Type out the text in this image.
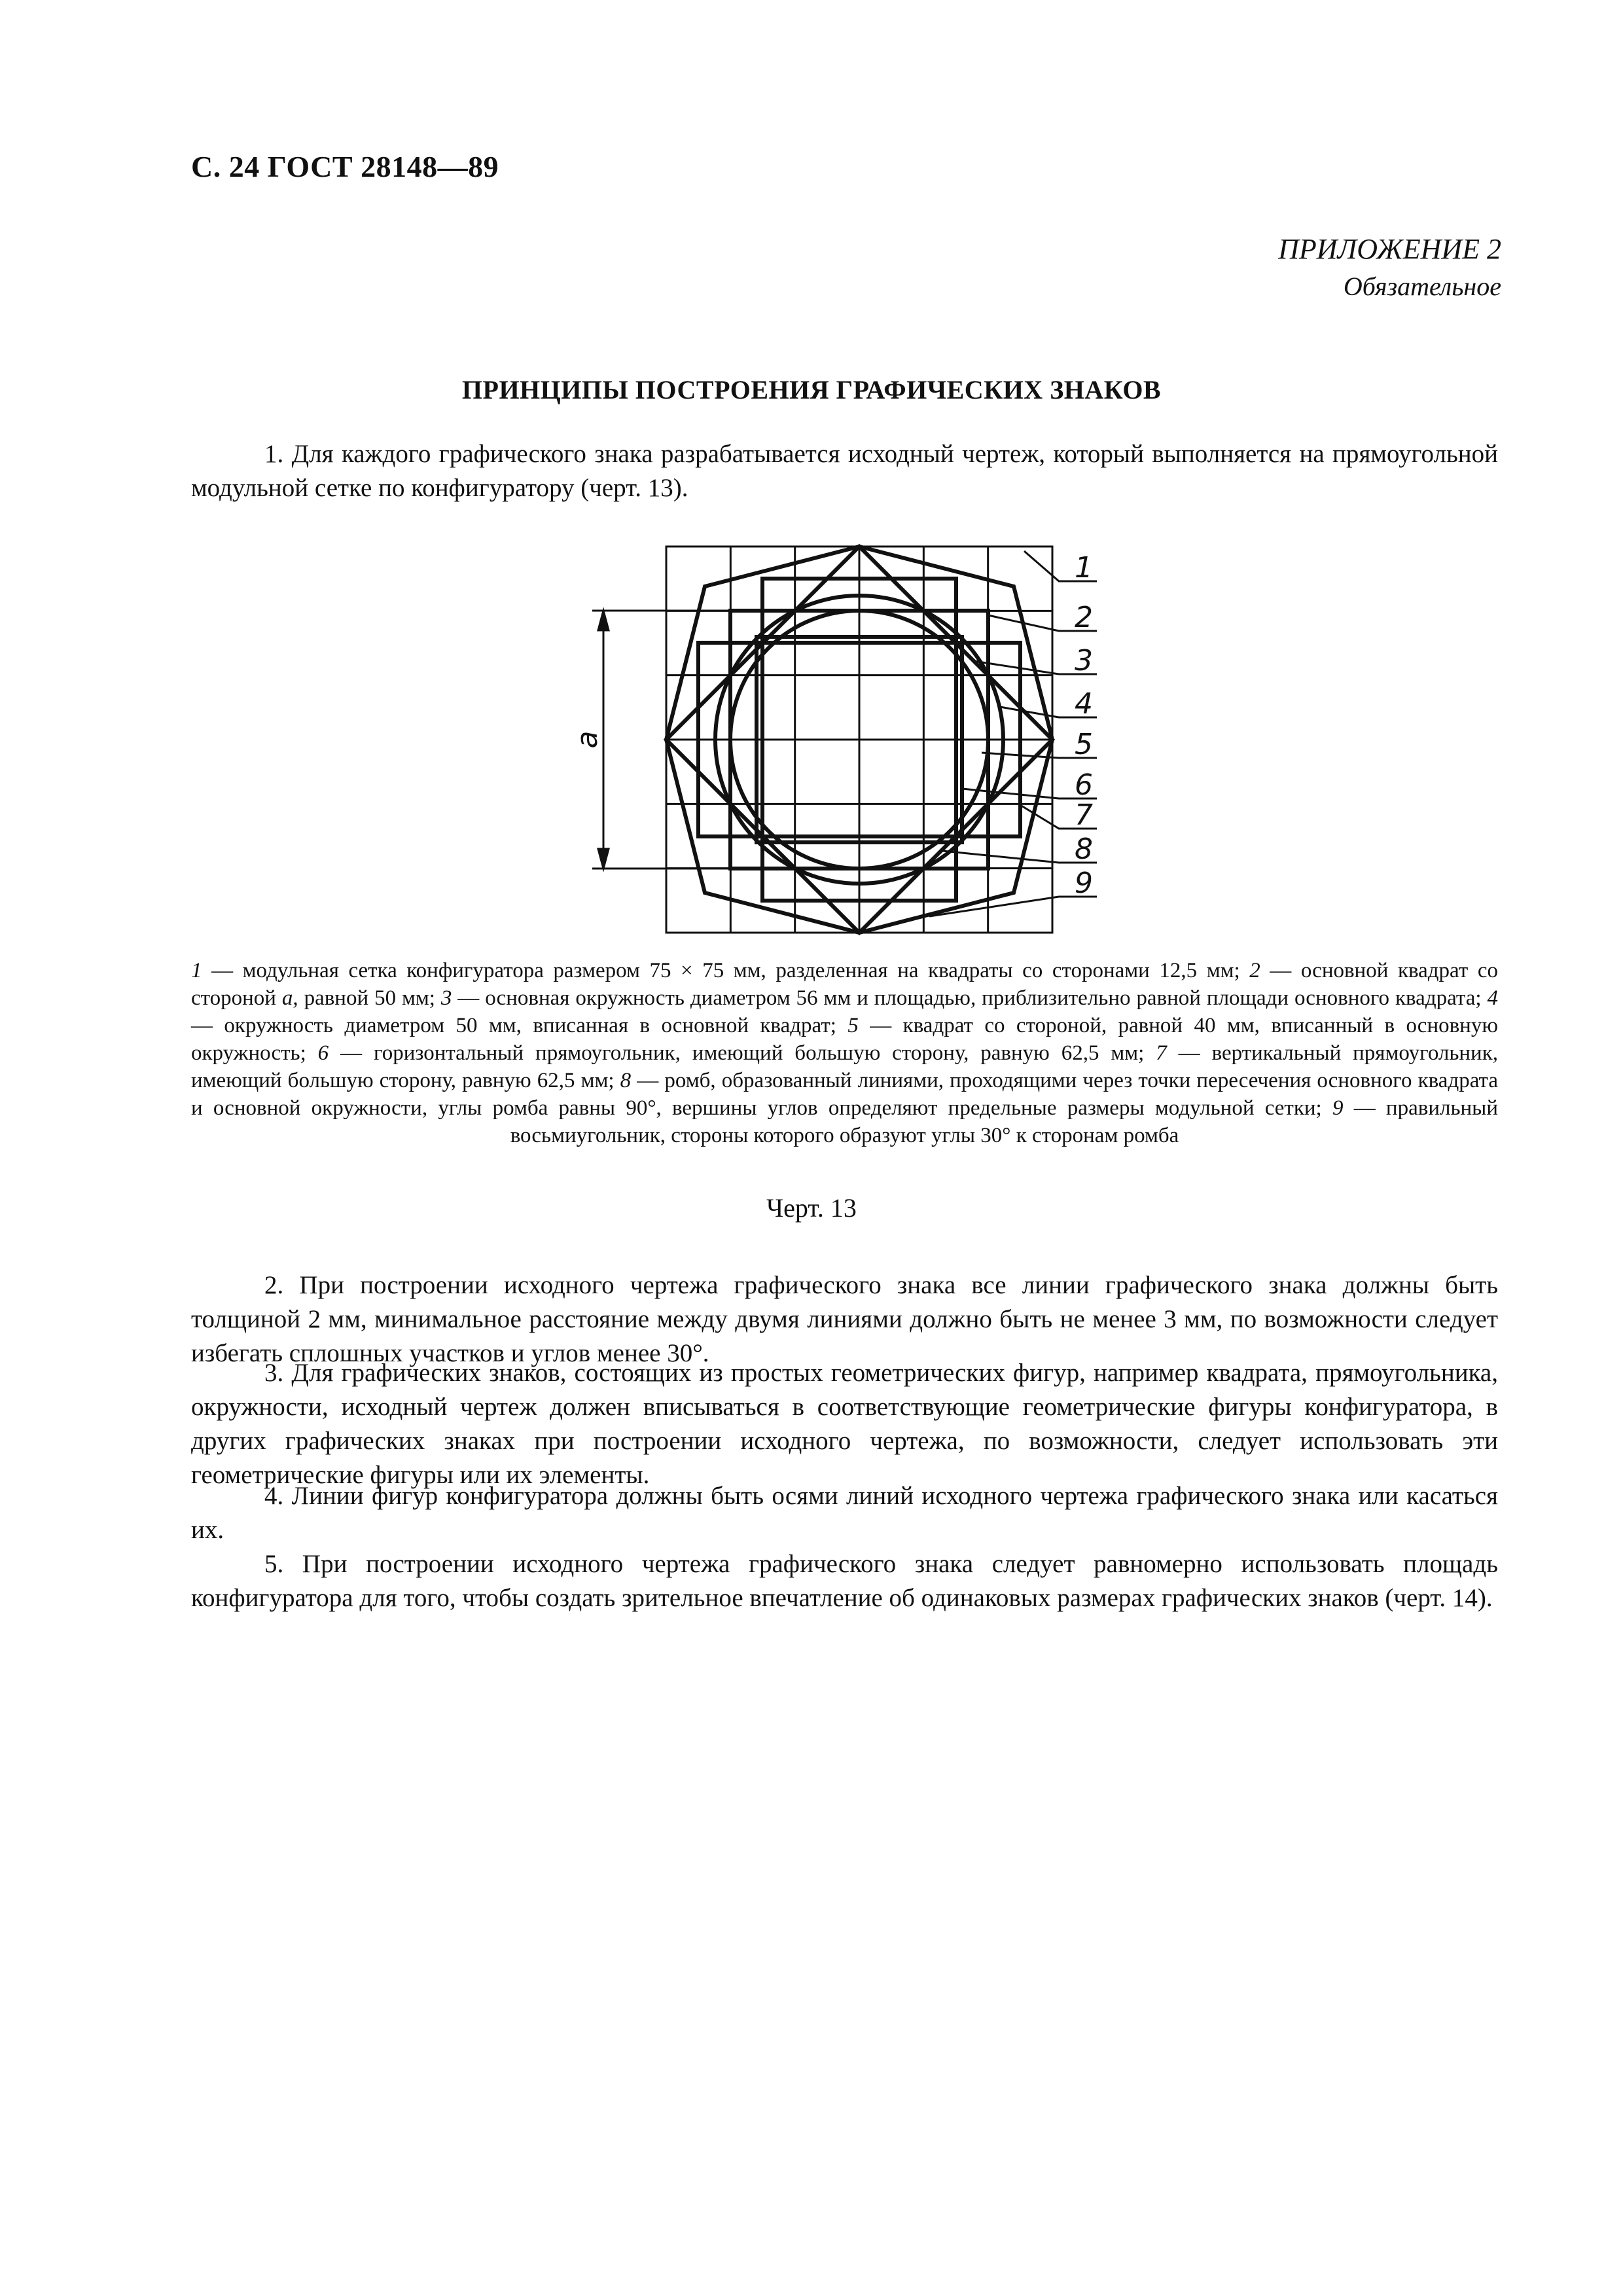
С. 24 ГОСТ 28148—89
ПРИЛОЖЕНИЕ 2
Обязательное
ПРИНЦИПЫ ПОСТРОЕНИЯ ГРАФИЧЕСКИХ ЗНАКОВ
1. Для каждого графического знака разрабатывается исходный чертеж, который выполняется на прямоугольной модульной сетке по конфигуратору (черт. 13).
a
1
2
3
4
5
6
7
8
9
1 — модульная сетка конфигуратора размером 75 × 75 мм, разделенная на квадраты со сторонами 12,5 мм; 2 — основной квадрат со стороной a, равной 50 мм; 3 — основная окружность диаметром 56 мм и площадью, приблизительно равной площади основного квадрата; 4 — окружность диаметром 50 мм, вписанная в основной квадрат; 5 — квадрат со стороной, равной 40 мм, вписанный в основную окружность; 6 — горизонтальный прямоугольник, имеющий большую сторону, равную 62,5 мм; 7 — вертикальный прямоугольник, имеющий большую сторону, равную 62,5 мм; 8 — ромб, образованный линиями, проходящими через точки пересечения основного квадрата и основной окружности, углы ромба равны 90°, вершины углов определяют предельные размеры модульной сетки; 9 — правильный восьмиугольник, стороны которого образуют углы 30° к сторонам ромба
Черт. 13
2. При построении исходного чертежа графического знака все линии графического знака должны быть толщиной 2 мм, минимальное расстояние между двумя линиями должно быть не менее 3 мм, по возможности следует избегать сплошных участков и углов менее 30°.
3. Для графических знаков, состоящих из простых геометрических фигур, например квадрата, прямоугольника, окружности, исходный чертеж должен вписываться в соответствующие геометрические фигуры конфигуратора, в других графических знаках при построении исходного чертежа, по возможности, следует использовать эти геометрические фигуры или их элементы.
4. Линии фигур конфигуратора должны быть осями линий исходного чертежа графического знака или касаться их.
5. При построении исходного чертежа графического знака следует равномерно использовать площадь конфигуратора для того, чтобы создать зрительное впечатление об одинаковых размерах графических знаков (черт. 14).
